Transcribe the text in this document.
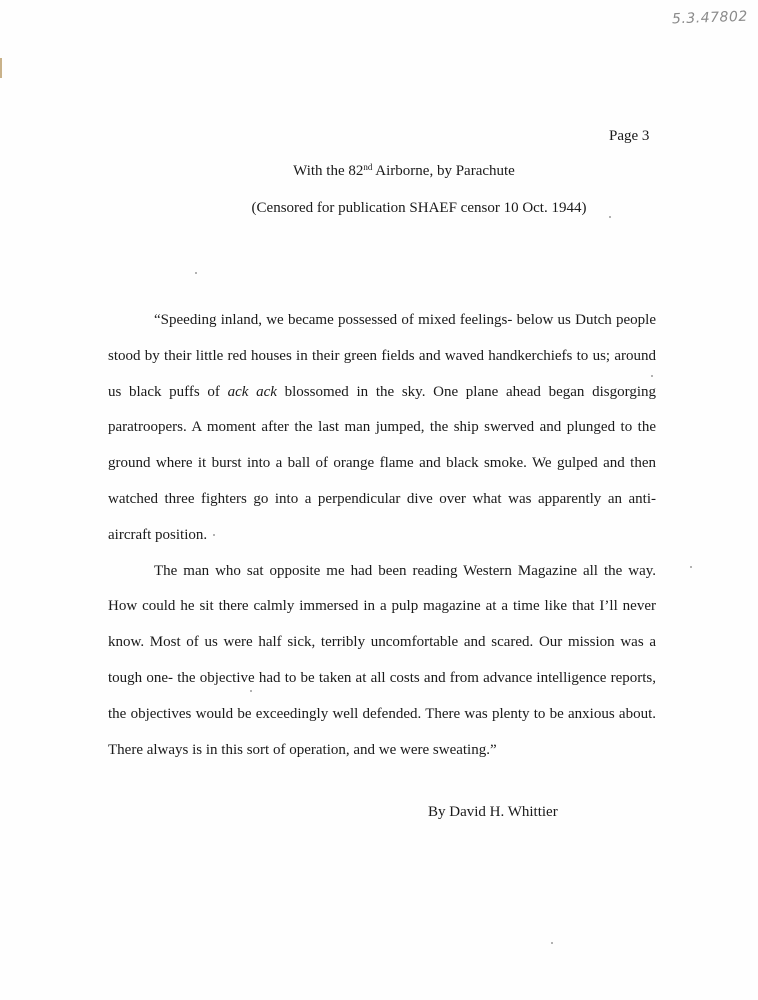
5.3.47802
Page 3
With the 82nd Airborne, by Parachute
(Censored for publication SHAEF censor 10 Oct. 1944)

“Speeding inland, we became possessed of mixed feelings- below us Dutch people stood by their little red houses in their green fields and waved handkerchiefs to us; around us black puffs of ack ack blossomed in the sky. One plane ahead began disgorging paratroopers. A moment after the last man jumped, the ship swerved and plunged to the ground where it burst into a ball of orange flame and black smoke. We gulped and then watched three fighters go into a perpendicular dive over what was apparently an anti-aircraft position.

The man who sat opposite me had been reading Western Magazine all the way. How could he sit there calmly immersed in a pulp magazine at a time like that I’ll never know. Most of us were half sick, terribly uncomfortable and scared. Our mission was a tough one- the objective had to be taken at all costs and from advance intelligence reports, the objectives would be exceedingly well defended. There was plenty to be anxious about. There always is in this sort of operation, and we were sweating.”

By David H. Whittier
